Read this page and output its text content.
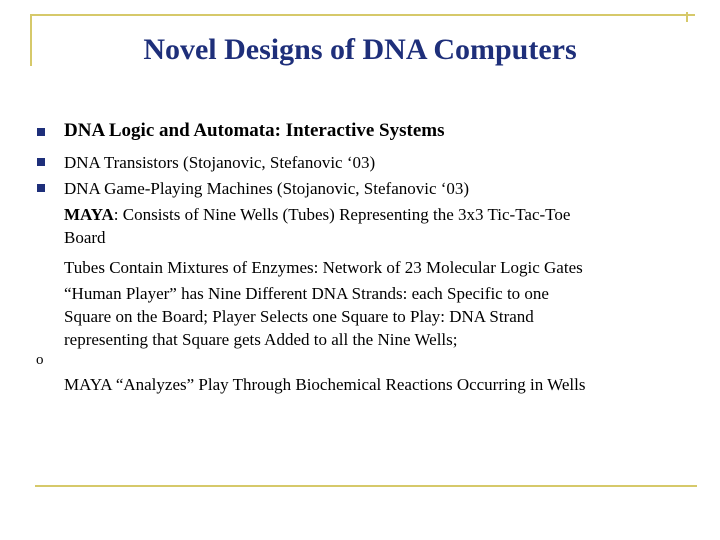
Novel Designs of DNA Computers
o
DNA Logic and Automata: Interactive Systems
DNA Transistors (Stojanovic, Stefanovic ‘03)
DNA Game-Playing Machines (Stojanovic, Stefanovic ‘03)
MAYA: Consists of Nine Wells (Tubes) Representing the 3x3 Tic-Tac-Toe
Board
Tubes Contain Mixtures of Enzymes: Network of 23 Molecular Logic Gates
“Human Player” has Nine Different DNA Strands: each Specific to one
Square on the Board; Player Selects one Square to Play: DNA Strand
representing that Square gets Added to all the Nine Wells;
MAYA “Analyzes” Play Through Biochemical Reactions Occurring in Wells
